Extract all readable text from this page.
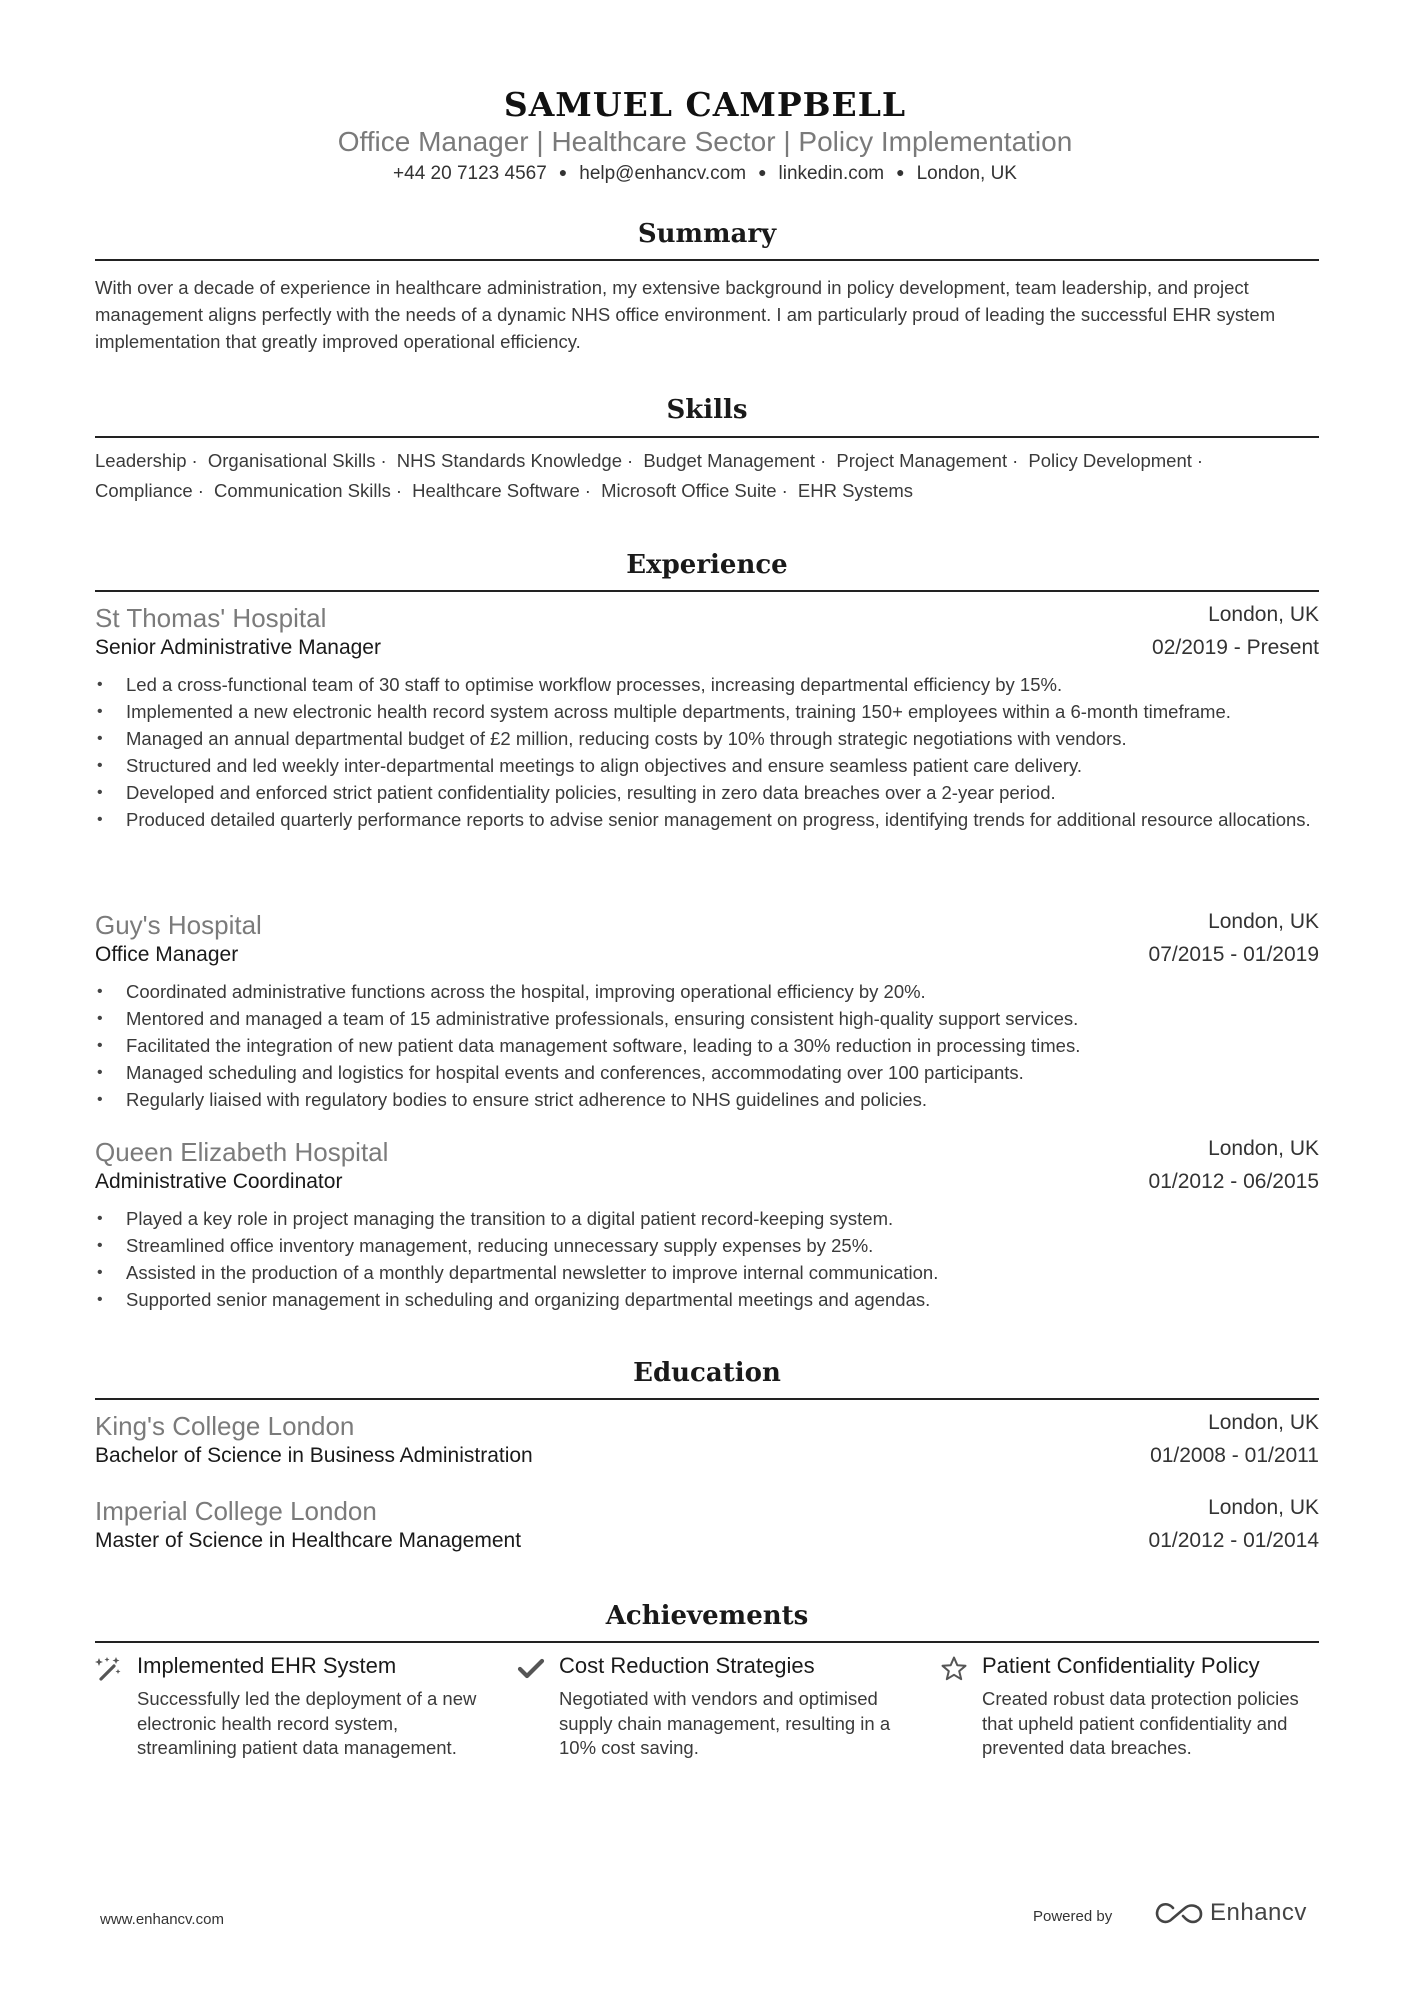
SAMUEL CAMPBELL
Office Manager | Healthcare Sector | Policy Implementation
+44 20 7123 4567 ● help@enhancv.com ● linkedin.com ● London, UK
Summary
With over a decade of experience in healthcare administration, my extensive background in policy development, team leadership, and project management aligns perfectly with the needs of a dynamic NHS office environment. I am particularly proud of leading the successful EHR system implementation that greatly improved operational efficiency.
Skills
Leadership · Organisational Skills · NHS Standards Knowledge · Budget Management · Project Management · Policy Development · Compliance · Communication Skills · Healthcare Software · Microsoft Office Suite · EHR Systems
Experience
St Thomas' Hospital	London, UK
Senior Administrative Manager	02/2019 - Present
• Led a cross-functional team of 30 staff to optimise workflow processes, increasing departmental efficiency by 15%.
• Implemented a new electronic health record system across multiple departments, training 150+ employees within a 6-month timeframe.
• Managed an annual departmental budget of £2 million, reducing costs by 10% through strategic negotiations with vendors.
• Structured and led weekly inter-departmental meetings to align objectives and ensure seamless patient care delivery.
• Developed and enforced strict patient confidentiality policies, resulting in zero data breaches over a 2-year period.
• Produced detailed quarterly performance reports to advise senior management on progress, identifying trends for additional resource allocations.
Guy's Hospital	London, UK
Office Manager	07/2015 - 01/2019
• Coordinated administrative functions across the hospital, improving operational efficiency by 20%.
• Mentored and managed a team of 15 administrative professionals, ensuring consistent high-quality support services.
• Facilitated the integration of new patient data management software, leading to a 30% reduction in processing times.
• Managed scheduling and logistics for hospital events and conferences, accommodating over 100 participants.
• Regularly liaised with regulatory bodies to ensure strict adherence to NHS guidelines and policies.
Queen Elizabeth Hospital	London, UK
Administrative Coordinator	01/2012 - 06/2015
• Played a key role in project managing the transition to a digital patient record-keeping system.
• Streamlined office inventory management, reducing unnecessary supply expenses by 25%.
• Assisted in the production of a monthly departmental newsletter to improve internal communication.
• Supported senior management in scheduling and organizing departmental meetings and agendas.
Education
King's College London	London, UK
Bachelor of Science in Business Administration	01/2008 - 01/2011
Imperial College London	London, UK
Master of Science in Healthcare Management	01/2012 - 01/2014
Achievements
Implemented EHR System
Successfully led the deployment of a new electronic health record system, streamlining patient data management.
Cost Reduction Strategies
Negotiated with vendors and optimised supply chain management, resulting in a 10% cost saving.
Patient Confidentiality Policy
Created robust data protection policies that upheld patient confidentiality and prevented data breaches.
www.enhancv.com	Powered by	Enhancv
